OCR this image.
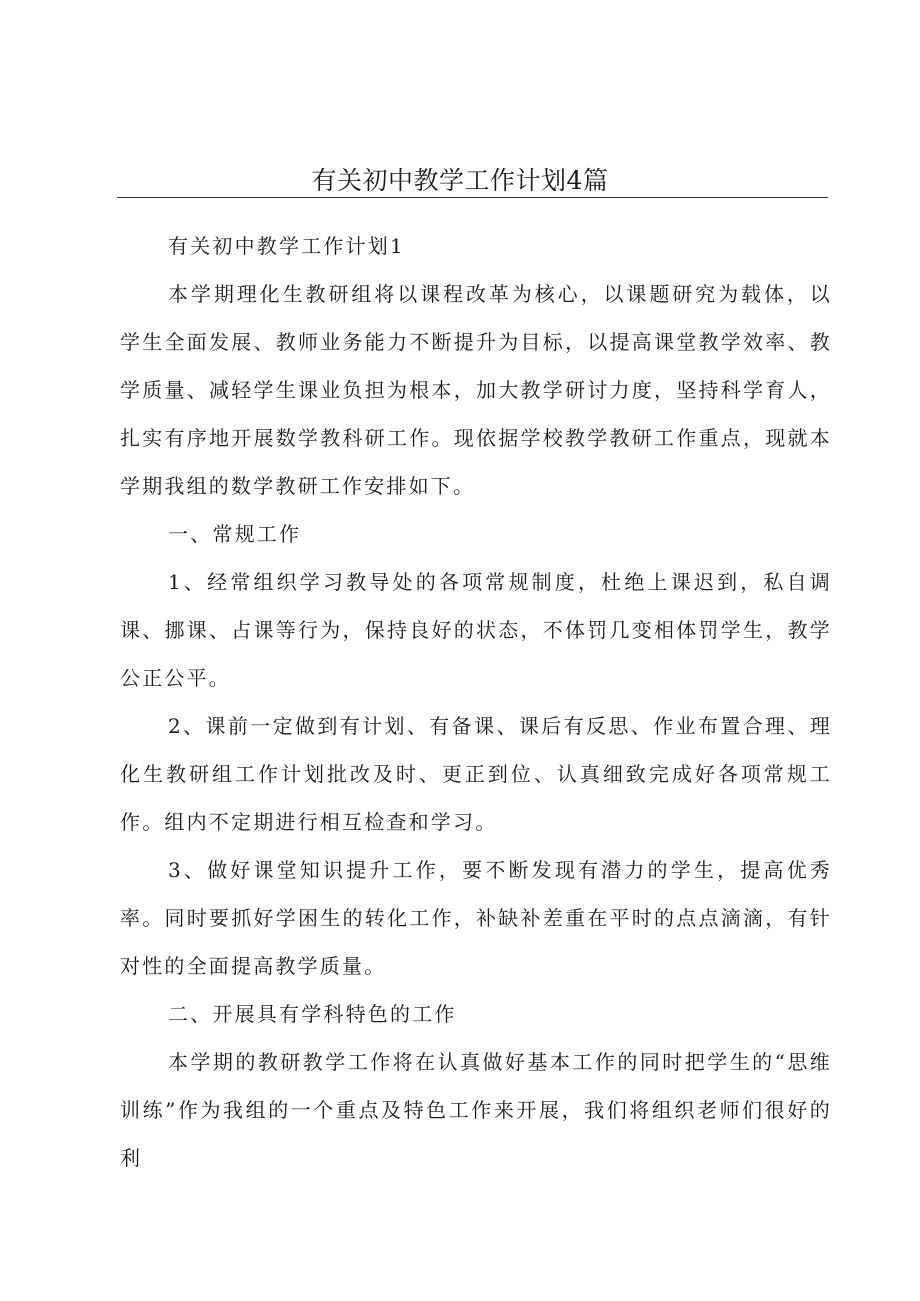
有关初中教学工作计划4篇

有关初中教学工作计划1

本学期理化生教研组将以课程改革为核心，以课题研究为载体，以学生全面发展、教师业务能力不断提升为目标，以提高课堂教学效率、教学质量、减轻学生课业负担为根本，加大教学研讨力度，坚持科学育人，扎实有序地开展数学教科研工作。现依据学校教学教研工作重点，现就本学期我组的数学教研工作安排如下。

一、常规工作

1、经常组织学习教导处的各项常规制度，杜绝上课迟到，私自调课、挪课、占课等行为，保持良好的状态，不体罚几变相体罚学生，教学公正公平。

2、课前一定做到有计划、有备课、课后有反思、作业布置合理、理化生教研组工作计划批改及时、更正到位、认真细致完成好各项常规工作。组内不定期进行相互检查和学习。

3、做好课堂知识提升工作，要不断发现有潜力的学生，提高优秀率。同时要抓好学困生的转化工作，补缺补差重在平时的点点滴滴，有针对性的全面提高教学质量。

二、开展具有学科特色的工作

本学期的教研教学工作将在认真做好基本工作的同时把学生的“思维训练”作为我组的一个重点及特色工作来开展，我们将组织老师们很好的利
